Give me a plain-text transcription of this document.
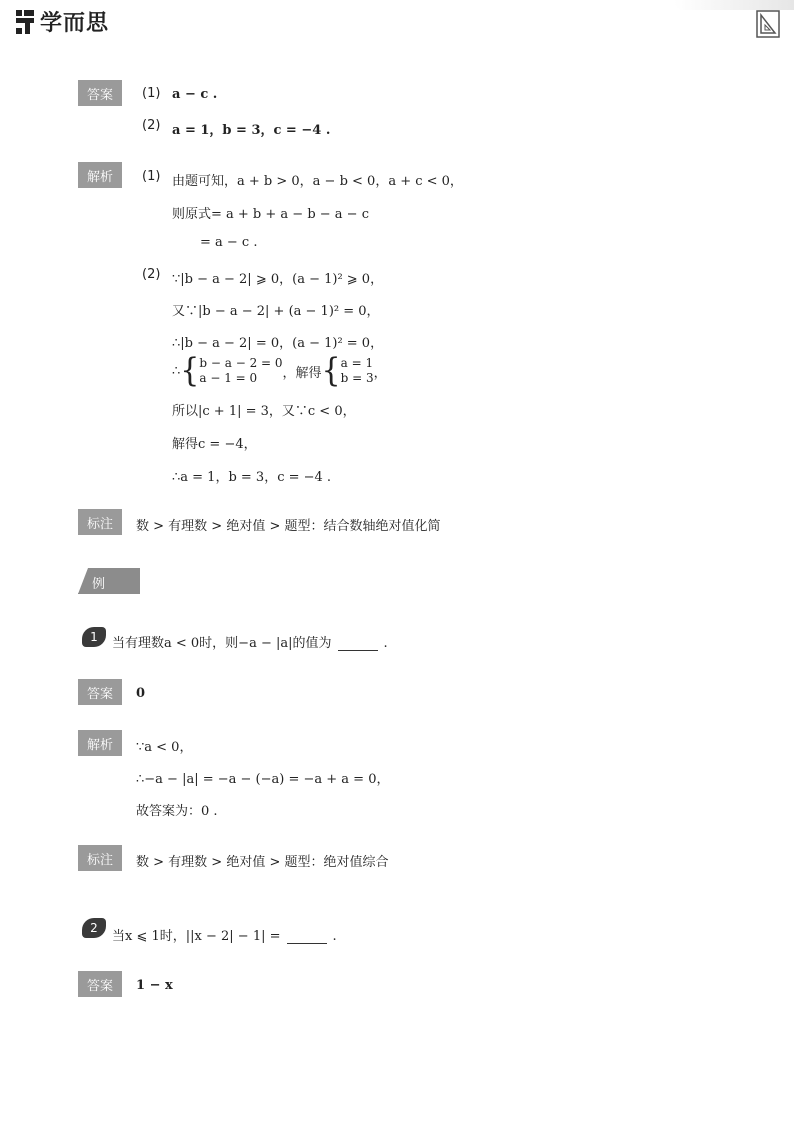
学而思
答案	(1) a − c .
(2) a = 1，b = 3，c = −4 .
解析	(1) 由题可知，a + b > 0，a − b < 0，a + c < 0，
则原式= a + b + a − b − a − c
= a − c .
(2) ∵|b − a − 2| ⩾ 0，(a − 1)² ⩾ 0，
又∵|b − a − 2| + (a − 1)² = 0，
∴|b − a − 2| = 0，(a − 1)² = 0，
∴ { b − a − 2 = 0
a − 1 = 0	，解得 { a = 1
b = 3 ，
所以|c + 1| = 3，又∵c < 0，
解得c = −4，
∴a = 1，b = 3，c = −4 .
标注	数 > 有理数 > 绝对值 > 题型：结合数轴绝对值化简
例题3
1	当有理数a < 0时，则−a − |a|的值为	.
答案	0
解析	∵a < 0，
∴−a − |a| = −a − (−a) = −a + a = 0，
故答案为：0 .
标注	数 > 有理数 > 绝对值 > 题型：绝对值综合
2
当x ⩽ 1时，||x − 2| − 1| =	.
答案	1 − x
